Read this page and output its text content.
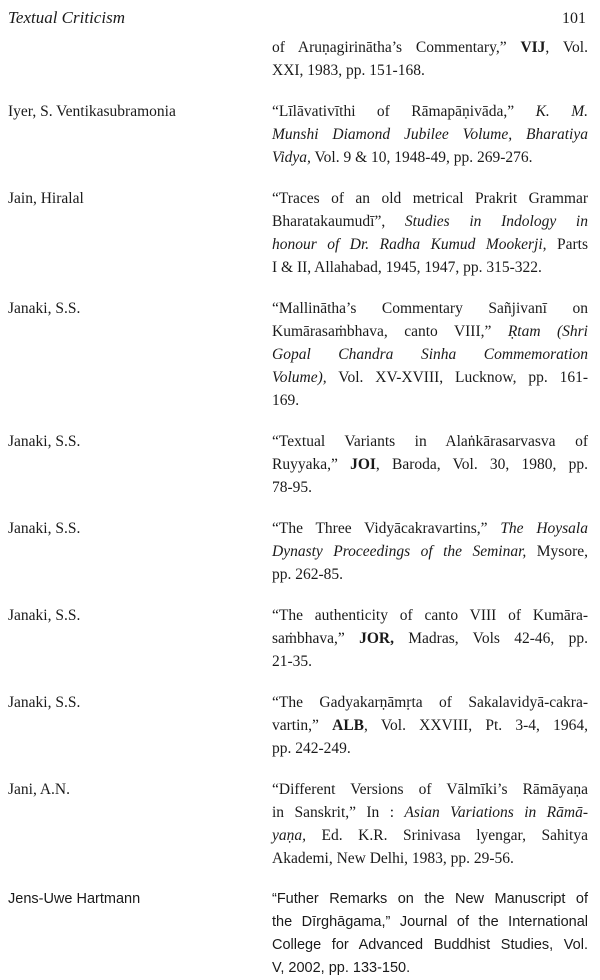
Textual Criticism	101
of Aruṇagirinātha’s Commentary,” VIJ, Vol.
XXI, 1983, pp. 151-168.
Iyer, S. Ventikasubramonia	“Līlāvativīthi of Rāmapāṇivāda,” K. M.
Munshi Diamond Jubilee Volume, Bharatiya
Vidya, Vol. 9 & 10, 1948-49, pp. 269-276.
Jain, Hiralal	“Traces of an old metrical Prakrit Grammar
Bharatakaumudī”, Studies in Indology in
honour of Dr. Radha Kumud Mookerji, Parts
I & II, Allahabad, 1945, 1947, pp. 315-322.
Janaki, S.S.	“Mallinātha’s Commentary Sañjivanī on
Kumārasaṁbhava, canto VIII,” Ṛtam (Shri
Gopal Chandra Sinha Commemoration
Volume), Vol. XV-XVIII, Lucknow, pp. 161-
169.
Janaki, S.S.	“Textual Variants in Alaṅkārasarvasva of
Ruyyaka,” JOI, Baroda, Vol. 30, 1980, pp.
78-95.
Janaki, S.S.	“The Three Vidyācakravartins,” The Hoysala
Dynasty Proceedings of the Seminar, Mysore,
pp. 262-85.
Janaki, S.S.	“The authenticity of canto VIII of Kumāra-
saṁbhava,” JOR, Madras, Vols 42-46, pp.
21-35.
Janaki, S.S.	“The Gadyakarṇāmṛta of Sakalavidyā-cakra-
vartin,” ALB, Vol. XXVIII, Pt. 3-4, 1964,
pp. 242-249.
Jani, A.N.	“Different Versions of Vālmīki’s Rāmāyaṇa
in Sanskrit,” In : Asian Variations in Rāmā-
yaṇa, Ed. K.R. Srinivasa lyengar, Sahitya
Akademi, New Delhi, 1983, pp. 29-56.
Jens-Uwe Hartmann	“Futher Remarks on the New Manuscript of
the Dīrghāgama,” Journal of the International
College for Advanced Buddhist Studies, Vol.
V, 2002, pp. 133-150.
